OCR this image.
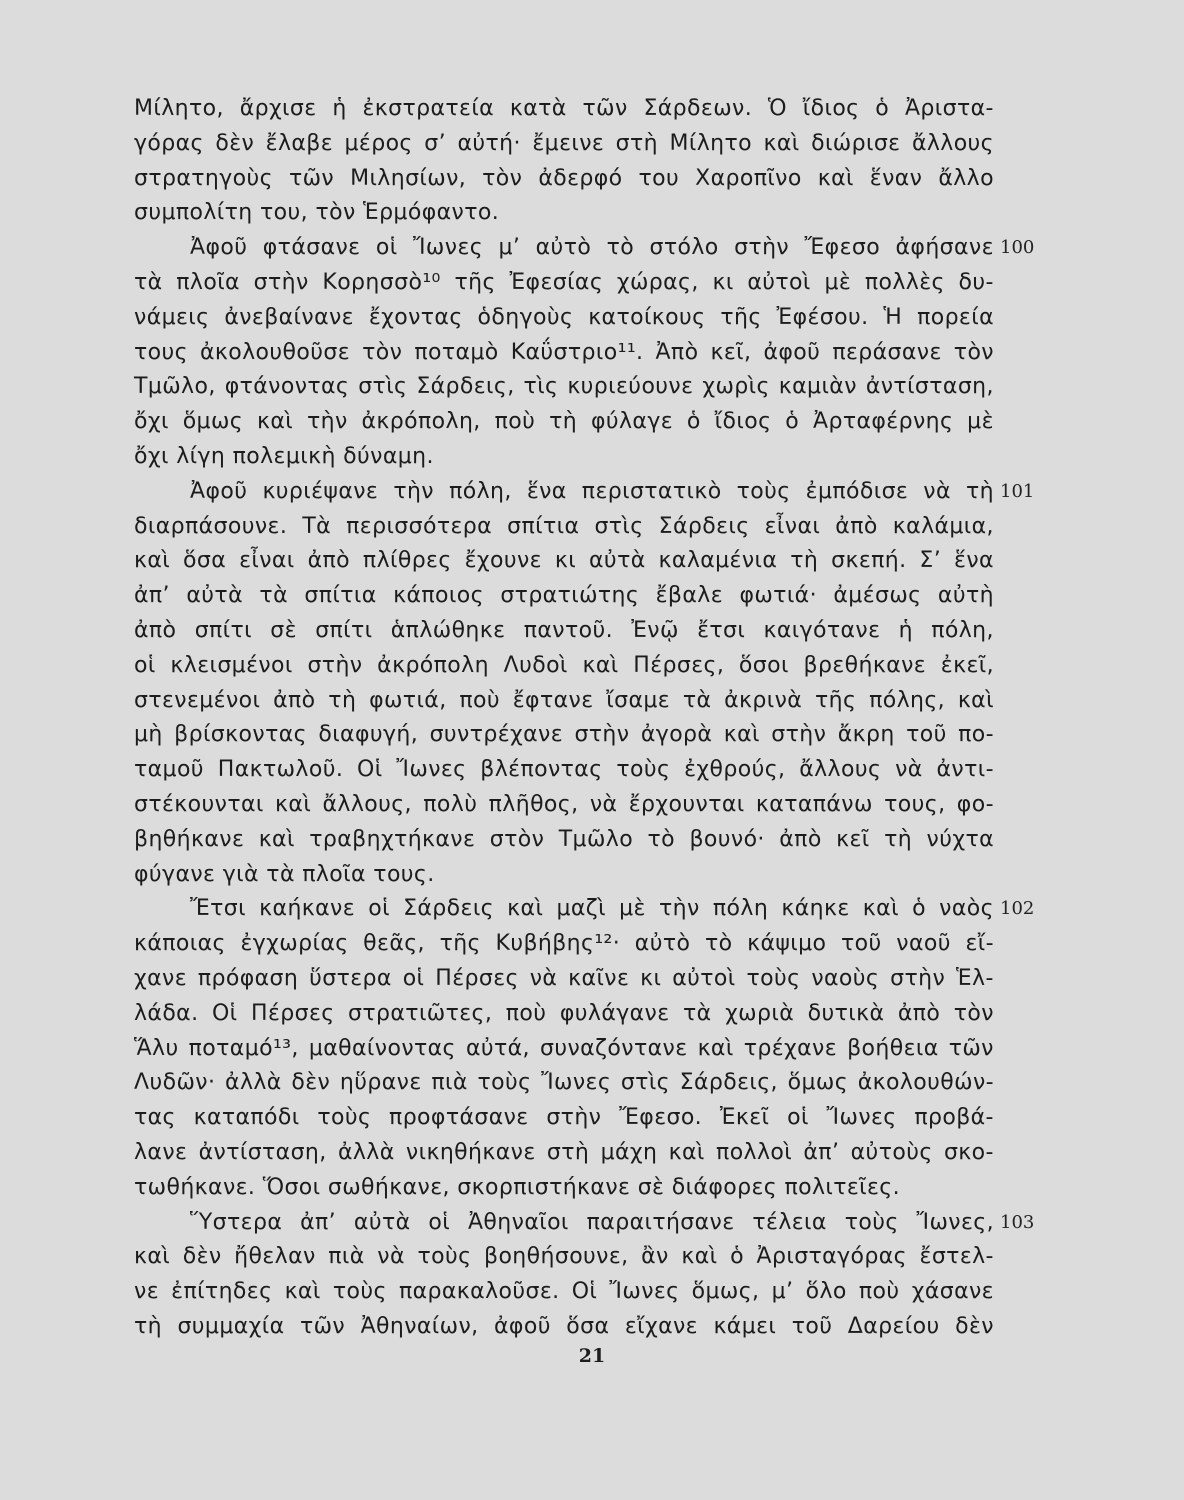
Μίλητο, ἄρχισε ἡ ἐκστρατεία κατὰ τῶν Σάρδεων. Ὁ ἴδιος ὁ Ἀριστα-
γόρας δὲν ἔλαβε μέρος σ’ αὐτή· ἔμεινε στὴ Μίλητο καὶ διώρισε ἄλλους
στρατηγοὺς τῶν Μιλησίων, τὸν ἀδερφό του Χαροπῖνο καὶ ἕναν ἄλλο
συμπολίτη του, τὸν Ἑρμόφαντο.
Ἀφοῦ φτάσανε οἱ Ἴωνες μ’ αὐτὸ τὸ στόλο στὴν Ἔφεσο ἀφήσανε
τὰ πλοῖα στὴν Κορησσὸ¹⁰ τῆς Ἐφεσίας χώρας, κι αὐτοὶ μὲ πολλὲς δυ-
νάμεις ἀνεβαίνανε ἔχοντας ὁδηγοὺς κατοίκους τῆς Ἐφέσου. Ἡ πορεία
τους ἀκολουθοῦσε τὸν ποταμὸ Καΰστριο¹¹. Ἀπὸ κεῖ, ἀφοῦ περάσανε τὸν
Τμῶλο, φτάνοντας στὶς Σάρδεις, τὶς κυριεύουνε χωρὶς καμιὰν ἀντίσταση,
ὄχι ὅμως καὶ τὴν ἀκρόπολη, ποὺ τὴ φύλαγε ὁ ἴδιος ὁ Ἀρταφέρνης μὲ
ὄχι λίγη πολεμικὴ δύναμη.
Ἀφοῦ κυριέψανε τὴν πόλη, ἕνα περιστατικὸ τοὺς ἐμπόδισε νὰ τὴ
διαρπάσουνε. Τὰ περισσότερα σπίτια στὶς Σάρδεις εἶναι ἀπὸ καλάμια,
καὶ ὅσα εἶναι ἀπὸ πλίθρες ἔχουνε κι αὐτὰ καλαμένια τὴ σκεπή. Σ’ ἕνα
ἀπ’ αὐτὰ τὰ σπίτια κάποιος στρατιώτης ἔβαλε φωτιά· ἀμέσως αὐτὴ
ἀπὸ σπίτι σὲ σπίτι ἁπλώθηκε παντοῦ. Ἐνῷ ἔτσι καιγότανε ἡ πόλη,
οἱ κλεισμένοι στὴν ἀκρόπολη Λυδοὶ καὶ Πέρσες, ὅσοι βρεθήκανε ἐκεῖ,
στενεμένοι ἀπὸ τὴ φωτιά, ποὺ ἔφτανε ἴσαμε τὰ ἀκρινὰ τῆς πόλης, καὶ
μὴ βρίσκοντας διαφυγή, συντρέχανε στὴν ἀγορὰ καὶ στὴν ἄκρη τοῦ πο-
ταμοῦ Πακτωλοῦ. Οἱ Ἴωνες βλέποντας τοὺς ἐχθρούς, ἄλλους νὰ ἀντι-
στέκουνται καὶ ἄλλους, πολὺ πλῆθος, νὰ ἔρχουνται καταπάνω τους, φο-
βηθήκανε καὶ τραβηχτήκανε στὸν Τμῶλο τὸ βουνό· ἀπὸ κεῖ τὴ νύχτα
φύγανε γιὰ τὰ πλοῖα τους.
Ἔτσι καήκανε οἱ Σάρδεις καὶ μαζὶ μὲ τὴν πόλη κάηκε καὶ ὁ ναὸς
κάποιας ἐγχωρίας θεᾶς, τῆς Κυβήβης¹²· αὐτὸ τὸ κάψιμο τοῦ ναοῦ εἴ-
χανε πρόφαση ὕστερα οἱ Πέρσες νὰ καῖνε κι αὐτοὶ τοὺς ναοὺς στὴν Ἑλ-
λάδα. Οἱ Πέρσες στρατιῶτες, ποὺ φυλάγανε τὰ χωριὰ δυτικὰ ἀπὸ τὸν
Ἅλυ ποταμό¹³, μαθαίνοντας αὐτά, συναζόντανε καὶ τρέχανε βοήθεια τῶν
Λυδῶν· ἀλλὰ δὲν ηὕρανε πιὰ τοὺς Ἴωνες στὶς Σάρδεις, ὅμως ἀκολουθών-
τας καταπόδι τοὺς προφτάσανε στὴν Ἔφεσο. Ἐκεῖ οἱ Ἴωνες προβά-
λανε ἀντίσταση, ἀλλὰ νικηθήκανε στὴ μάχη καὶ πολλοὶ ἀπ’ αὐτοὺς σκο-
τωθήκανε. Ὅσοι σωθήκανε, σκορπιστήκανε σὲ διάφορες πολιτεῖες.
Ὕστερα ἀπ’ αὐτὰ οἱ Ἀθηναῖοι παραιτήσανε τέλεια τοὺς Ἴωνες,
καὶ δὲν ἤθελαν πιὰ νὰ τοὺς βοηθήσουνε, ἂν καὶ ὁ Ἀρισταγόρας ἔστελ-
νε ἐπίτηδες καὶ τοὺς παρακαλοῦσε. Οἱ Ἴωνες ὅμως, μ’ ὅλο ποὺ χάσανε
τὴ συμμαχία τῶν Ἀθηναίων, ἀφοῦ ὅσα εἴχανε κάμει τοῦ Δαρείου δὲν
100
101
102
103
21
